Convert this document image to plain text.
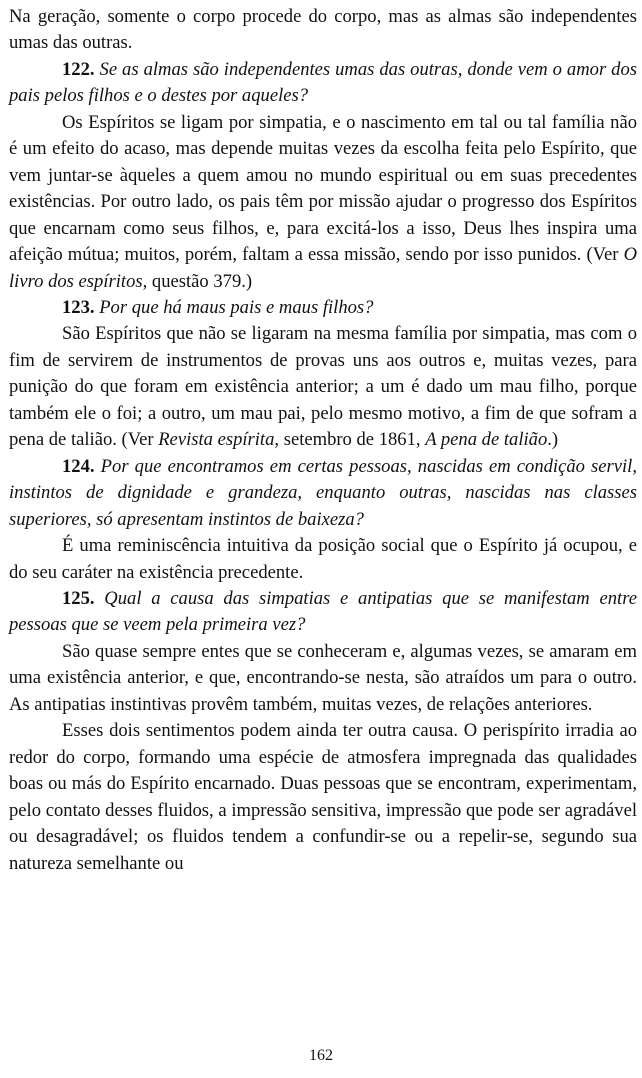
Na geração, somente o corpo procede do corpo, mas as almas são independentes umas das outras.

122. Se as almas são independentes umas das outras, donde vem o amor dos pais pelos filhos e o destes por aqueles?

Os Espíritos se ligam por simpatia, e o nascimento em tal ou tal família não é um efeito do acaso, mas depende muitas vezes da escolha feita pelo Espírito, que vem juntar-se àqueles a quem amou no mundo espiritual ou em suas precedentes existências. Por outro lado, os pais têm por missão ajudar o progresso dos Espíritos que encarnam como seus filhos, e, para excitá-los a isso, Deus lhes inspira uma afeição mútua; muitos, porém, faltam a essa missão, sendo por isso punidos. (Ver O livro dos espíritos, questão 379.)

123. Por que há maus pais e maus filhos?

São Espíritos que não se ligaram na mesma família por simpatia, mas com o fim de servirem de instrumentos de provas uns aos outros e, muitas vezes, para punição do que foram em existência anterior; a um é dado um mau filho, porque também ele o foi; a outro, um mau pai, pelo mesmo motivo, a fim de que sofram a pena de talião. (Ver Revista espírita, setembro de 1861, A pena de talião.)

124. Por que encontramos em certas pessoas, nascidas em condição servil, instintos de dignidade e grandeza, enquanto outras, nascidas nas classes superiores, só apresentam instintos de baixeza?

É uma reminiscência intuitiva da posição social que o Espírito já ocupou, e do seu caráter na existência precedente.

125. Qual a causa das simpatias e antipatias que se manifestam entre pessoas que se veem pela primeira vez?

São quase sempre entes que se conheceram e, algumas vezes, se amaram em uma existência anterior, e que, encontrando-se nesta, são atraídos um para o outro. As antipatias instintivas provêm também, muitas vezes, de relações anteriores.

Esses dois sentimentos podem ainda ter outra causa. O perispírito irradia ao redor do corpo, formando uma espécie de atmosfera impregnada das qualidades boas ou más do Espírito encarnado. Duas pessoas que se encontram, experimentam, pelo contato desses fluidos, a impressão sensitiva, impressão que pode ser agradável ou desagradável; os fluidos tendem a confundir-se ou a repelir-se, segundo sua natureza semelhante ou

162
